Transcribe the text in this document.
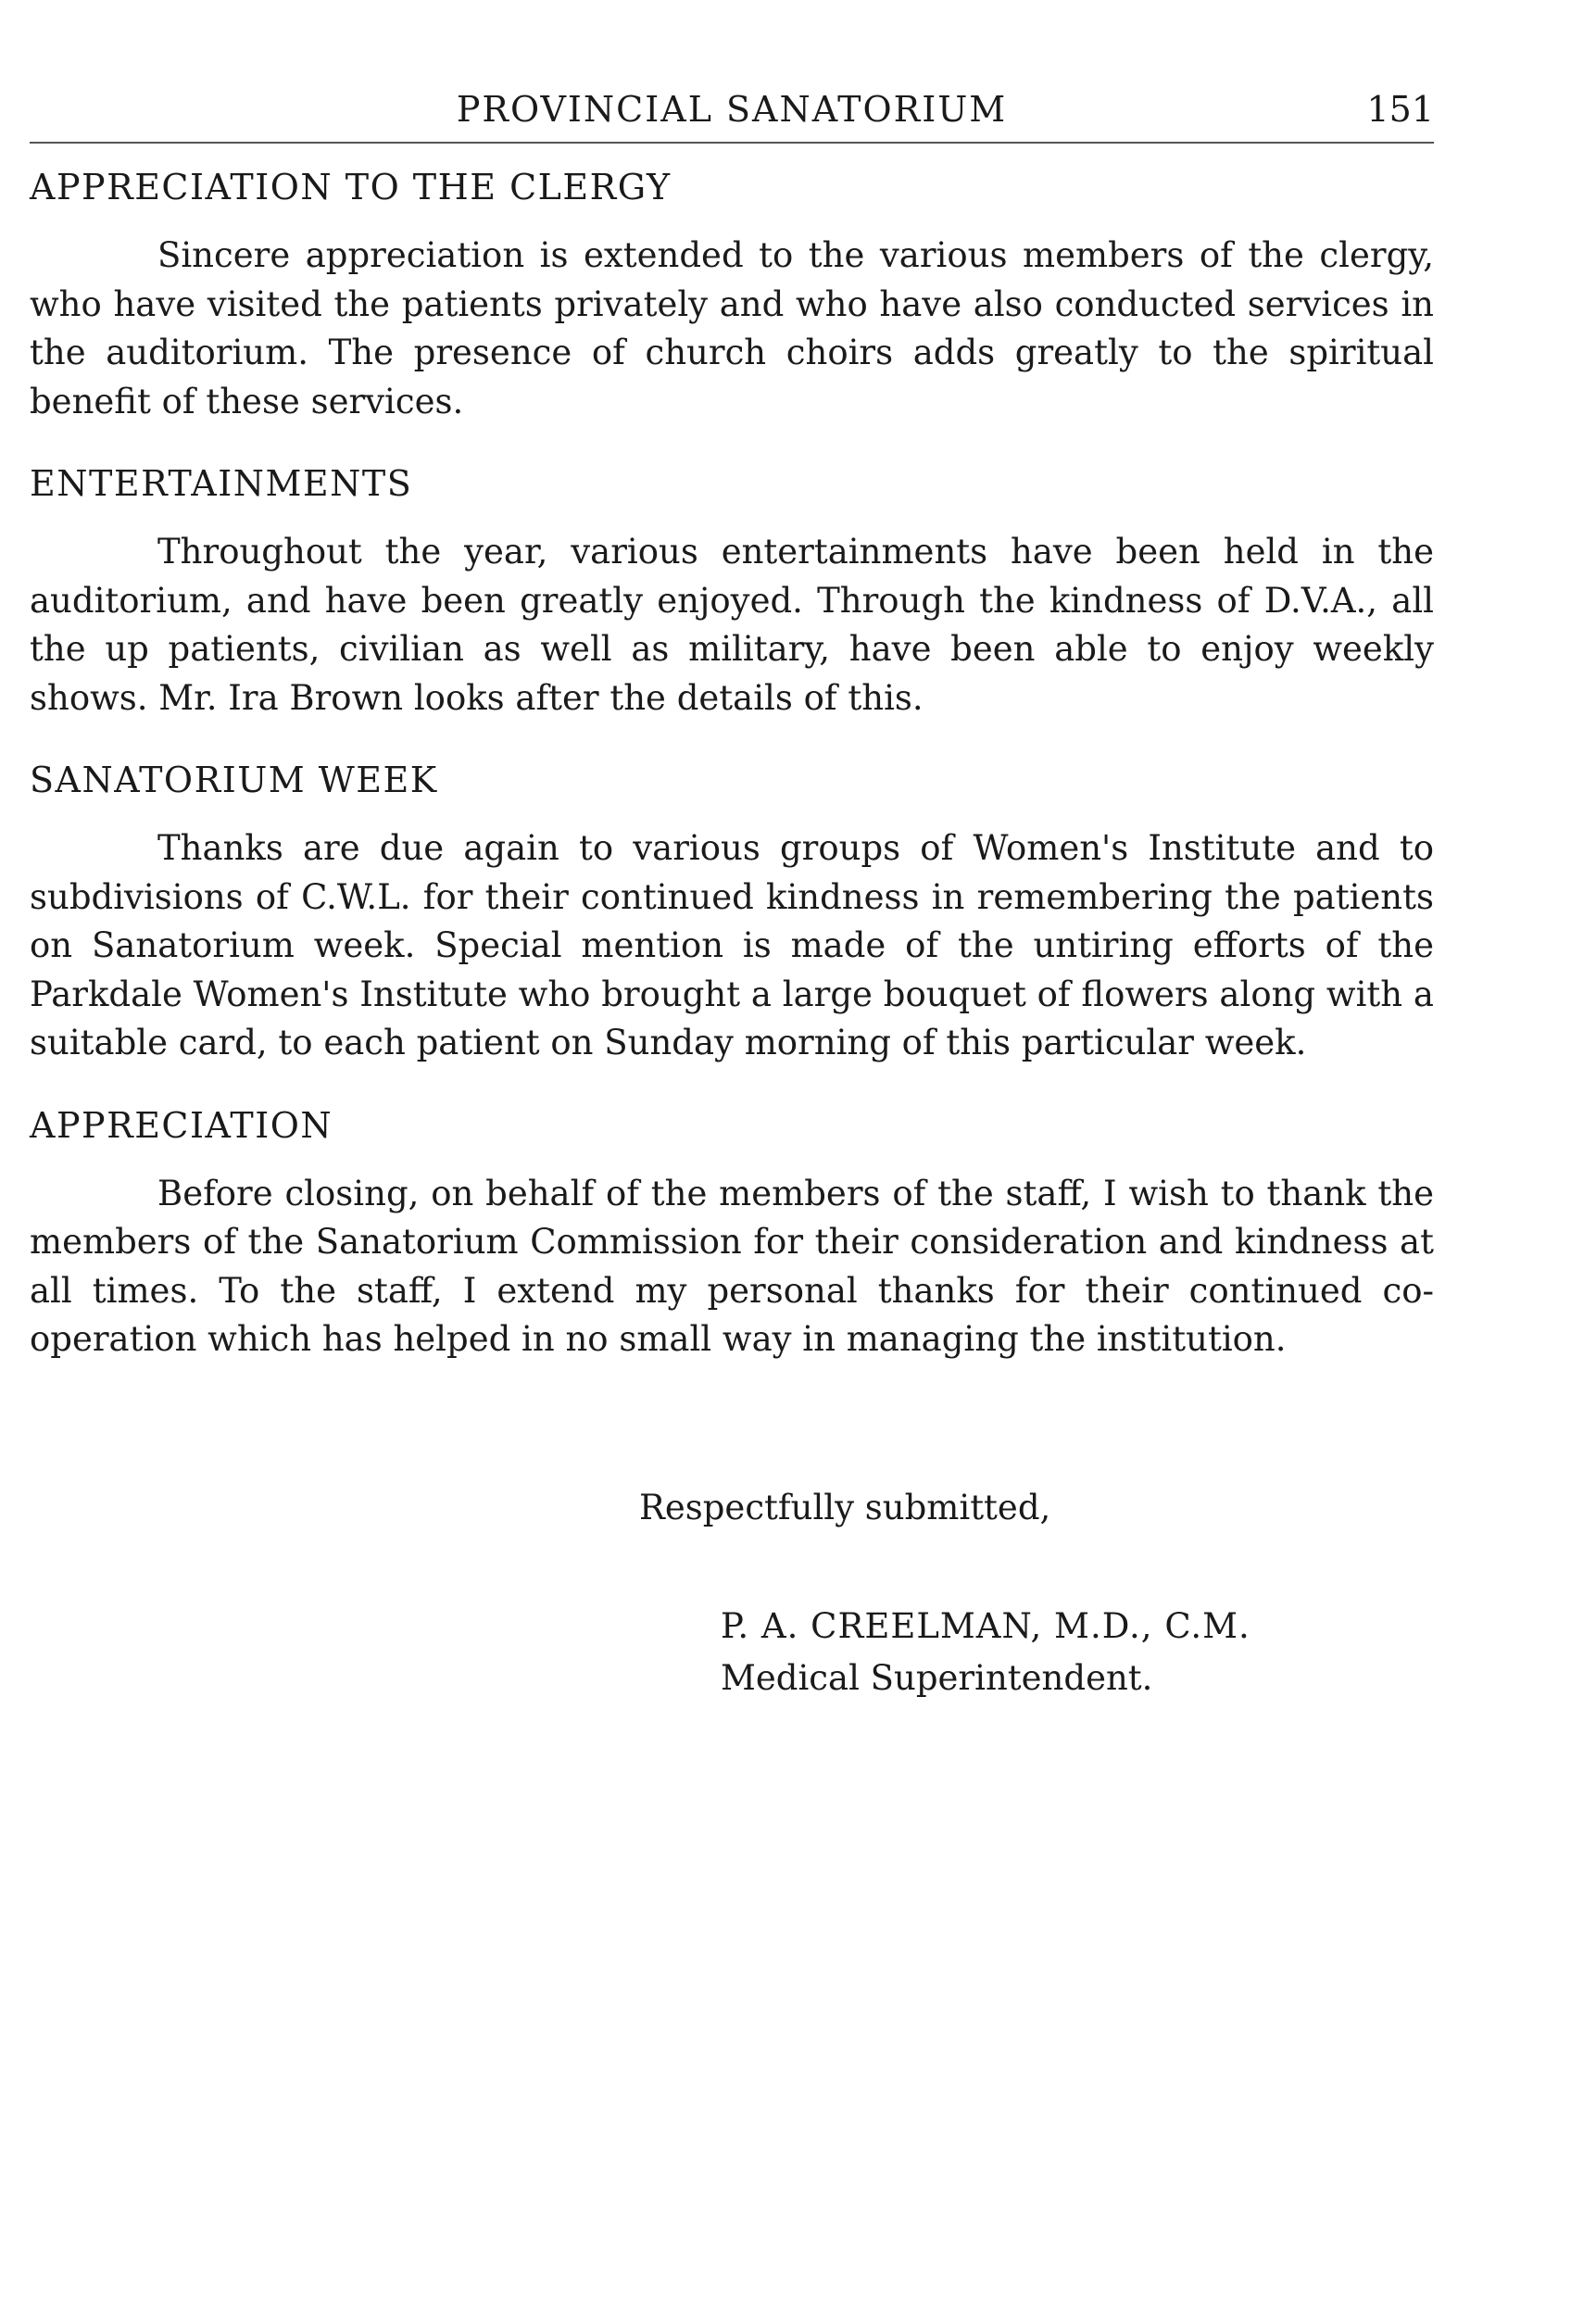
PROVINCIAL SANATORIUM	151
APPRECIATION TO THE CLERGY

Sincere appreciation is extended to the various members of the clergy, who have visited the patients privately and who have also conducted services in the auditorium. The presence of church choirs adds greatly to the spiritual benefit of these services.

ENTERTAINMENTS

Throughout the year, various entertainments have been held in the auditorium, and have been greatly enjoyed. Through the kindness of D.V.A., all the up patients, civilian as well as military, have been able to enjoy weekly shows. Mr. Ira Brown looks after the details of this.

SANATORIUM WEEK

Thanks are due again to various groups of Women's Institute and to subdivisions of C.W.L. for their continued kindness in remembering the patients on Sanatorium week. Special mention is made of the untiring efforts of the Parkdale Women's Institute who brought a large bouquet of flowers along with a suitable card, to each patient on Sunday morning of this particular week.

APPRECIATION

Before closing, on behalf of the members of the staff, I wish to thank the members of the Sanatorium Commission for their consideration and kindness at all times. To the staff, I extend my personal thanks for their continued co-operation which has helped in no small way in managing the institution.

Respectfully submitted,
P. A. CREELMAN, M.D., C.M.
Medical Superintendent.
